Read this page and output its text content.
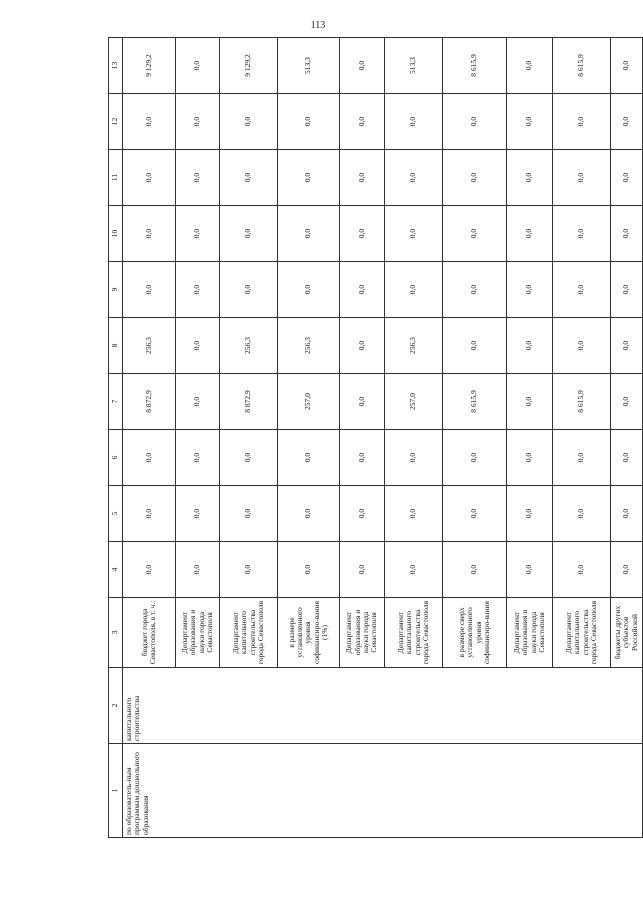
113
1	2	3	4	5	6	7	8	9	10	11	12	13
по образователь-ным программам дошкольного образования	капитального строительства	бюджет города Севастополя, в т. ч.:	0,0	0,0	0,0	8 872,9	256,3	0,0	0,0	0,0	0,0	9 129,2
		Департамент образования и науки города Севастополя	0,0	0,0	0,0	0,0	0,0	0,0	0,0	0,0	0,0	0,0
		Департамент капитального строительства города Севастополя	0,0	0,0	0,0	8 872,9	256,3	0,0	0,0	0,0	0,0	9 129,2
		в размере установленного уровня софинансиро-вания (1%)	0,0	0,0	0,0	257,0	256,3	0,0	0,0	0,0	0,0	513,3
		Департамент образования и науки города Севастополя	0,0	0,0	0,0	0,0	0,0	0,0	0,0	0,0	0,0	0,0
		Департамент капитального строительства города Севастополя	0,0	0,0	0,0	257,0	256,3	0,0	0,0	0,0	0,0	513,3
		в размере сверх установленного уровня софинансиро-вания	0,0	0,0	0,0	8 615,9	0,0	0,0	0,0	0,0	0,0	8 615,9
		Департамент образования и науки города Севастополя	0,0	0,0	0,0	0,0	0,0	0,0	0,0	0,0	0,0	0,0
		Департамент капитального строительства города Севастополя	0,0	0,0	0,0	8 615,9	0,0	0,0	0,0	0,0	0,0	8 615,9
		бюджеты других субъектов Российской	0,0	0,0	0,0	0,0	0,0	0,0	0,0	0,0	0,0	0,0
